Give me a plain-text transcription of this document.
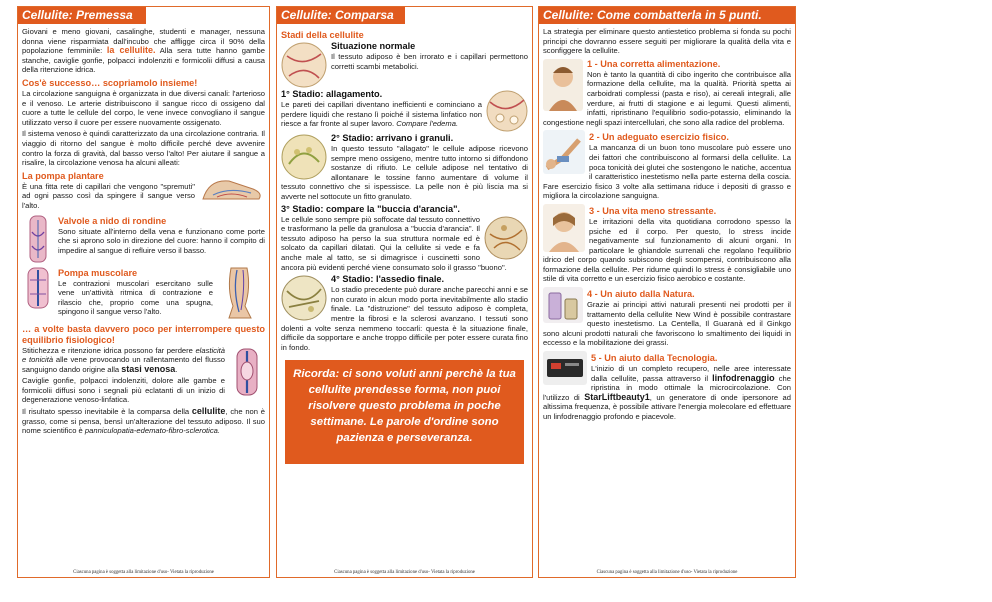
Cellulite: Premessa

Giovani e meno giovani, casalinghe, studenti e manager, nessuna donna viene risparmiata dall'incubo che affligge circa il 90% della popolazione femminile: la cellulite. Alla sera tutte hanno gambe stanche, caviglie gonfie, polpacci indolenziti e formicolii diffusi a causa della ritenzione idrica.

Cos'è successo… scopriamolo insieme!

La circolazione sanguigna è organizzata in due diversi canali: l'arterioso e il venoso. Le arterie distribuiscono il sangue ricco di ossigeno dal cuore a tutte le cellule del corpo, le vene invece convogliano il sangue utilizzato verso il cuore per essere nuovamente ossigenato.

Il sistema venoso è quindi caratterizzato da una circolazione contraria. Il viaggio di ritorno del sangue è molto difficile perché deve avvenire contro la forza di gravità, dal basso verso l'alto! Per aiutare il sangue a risalire, la circolazione venosa ha alcuni alleati:

La pompa plantare

È una fitta rete di capillari che vengono "spremuti" ad ogni passo così da spingere il sangue verso l'alto.

Valvole a nido di rondine

Sono situate all'interno della vena e funzionano come porte che si aprono solo in direzione del cuore: hanno il compito di impedire al sangue di refluire verso il basso.

Pompa muscolare

Le contrazioni muscolari esercitano sulle vene un'attività ritmica di contrazione e rilascio che, proprio come una spugna, spingono il sangue verso l'alto.

… a volte basta davvero poco per interrompere questo equilibrio fisiologico!

Stitichezza e ritenzione idrica possono far perdere elasticità e tonicità alle vene provocando un rallentamento del flusso sanguigno dando origine alla stasi venosa.

Caviglie gonfie, polpacci indolenziti, dolore alle gambe e formicolii diffusi sono i segnali più eclatanti di un inizio di degenerazione venoso-linfatica.

Il risultato spesso inevitabile è la comparsa della cellulite, che non è grasso, come si pensa, bensì un'alterazione del tessuto adiposo. Il suo nome scientifico è panniculopatia-edemato-fibro-sclerotica.

Ciascuna pagina è soggetta alla limitazione d'uso- Vietata la riproduzione
Cellulite: Comparsa
Stadi della cellulite
Situazione normale

Il tessuto adiposo è ben irrorato e i capillari permettono corretti scambi metabolici.

1° Stadio: allagamento.

Le pareti dei capillari diventano inefficienti e cominciano a perdere liquidi che restano lì poiché il sistema linfatico non riesce a far fronte al super lavoro. Compare l'edema.

2° Stadio: arrivano i granuli.

In questo tessuto "allagato" le cellule adipose ricevono sempre meno ossigeno, mentre tutto intorno si diffondono sostanze di rifiuto. Le cellule adipose nel tentativo di allontanare le tossine fanno aumentare di volume il tessuto connettivo che si ispessisce. La pelle non è più liscia ma si avverte nel sottocute un fitto granulato.

3° Stadio: compare la "buccia d'arancia".

Le cellule sono sempre più soffocate dal tessuto connettivo e trasformano la pelle da granulosa a "buccia d'arancia". Il tessuto adiposo ha perso la sua struttura normale ed è solcato da capillari dilatati. Qui la cellulite si vede e fa anche male al tatto, se si dimagrisce i cuscinetti sono ancora più evidenti perché viene consumato solo il grasso "buono".

4° Stadio: l'assedio finale.

Lo stadio precedente può durare anche parecchi anni e se non curato in alcun modo porta inevitabilmente allo stadio finale. La "distruzione" del tessuto adiposo è completa, mentre la fibrosi e la sclerosi avanzano. I tessuti sono dolenti a volte senza nemmeno toccarli: questa è la situazione finale, difficile da sopportare e anche troppo difficile per poter essere curata fino in fondo.

Ricorda: ci sono voluti anni perchè la tua cellulite prendesse forma, non puoi risolvere questo problema in poche settimane. Le parole d'ordine sono pazienza e perseveranza.
Ciascuna pagina è soggetta alla limitazione d'uso- Vietata la riproduzione
Cellulite: Come combatterla in 5 punti.

La strategia per eliminare questo antiestetico problema si fonda su pochi principi che dovranno essere seguiti per migliorare la qualità della vita e sconfiggere la cellulite.

1 - Una corretta alimentazione.

Non è tanto la quantità di cibo ingerito che contribuisce alla formazione della cellulite, ma la qualità. Priorità spetta ai carboidrati complessi (pasta e riso), ai cereali integrali, alle verdure, ai frutti di stagione e ai legumi. Questi alimenti, infatti, ripristinano l'equilibrio sodio-potassio, eliminando la congestione negli spazi intercellulari, che sono alla radice del problema.

2 - Un adeguato esercizio fisico.

La mancanza di un buon tono muscolare può essere uno dei fattori che contribuiscono al formarsi della cellulite. La poca tonicità dei glutei che sostengono le natiche, accentua il caratteristico inestetismo nella parte esterna della coscia. Fare esercizio fisico 3 volte alla settimana riduce i depositi di grasso e migliora la circolazione sanguigna.

3 - Una vita meno stressante.

Le irritazioni della vita quotidiana corrodono spesso la psiche ed il corpo. Per questo, lo stress incide negativamente sul funzionamento di alcuni organi. In particolare le ghiandole surrenali che regolano l'equilibrio idrico del corpo quando subiscono degli scompensi, contribuiscono alla formazione della cellulite. Per ridurne quindi lo stress è consigliabile uno stile di vita corretto e un esercizio fisico aerobico e costante.

4 - Un aiuto dalla Natura.

Grazie ai principi attivi naturali presenti nei prodotti per il trattamento della cellulite New Wind è possibile contrastare questo inestetismo. La Centella, Il Guaranà ed il Ginkgo sono alcuni prodotti naturali che favoriscono lo smaltimento dei liquidi in eccesso e la mobilitazione dei grassi.

5 - Un aiuto dalla Tecnologia.

L'inizio di un completo recupero, nelle aree interessate dalla cellulite, passa attraverso il linfodrenaggio che ripristina in modo ottimale la microcircolazione. Con l'utilizzo di StarLiftbeauty1, un generatore di onde ipersonore ad altissima frequenza, è possibile attivare l'energia molecolare ed effettuare un linfodrenaggio profondo e piacevole.

Ciascuna pagina è soggetta alla limitazione d'uso- Vietata la riproduzione
